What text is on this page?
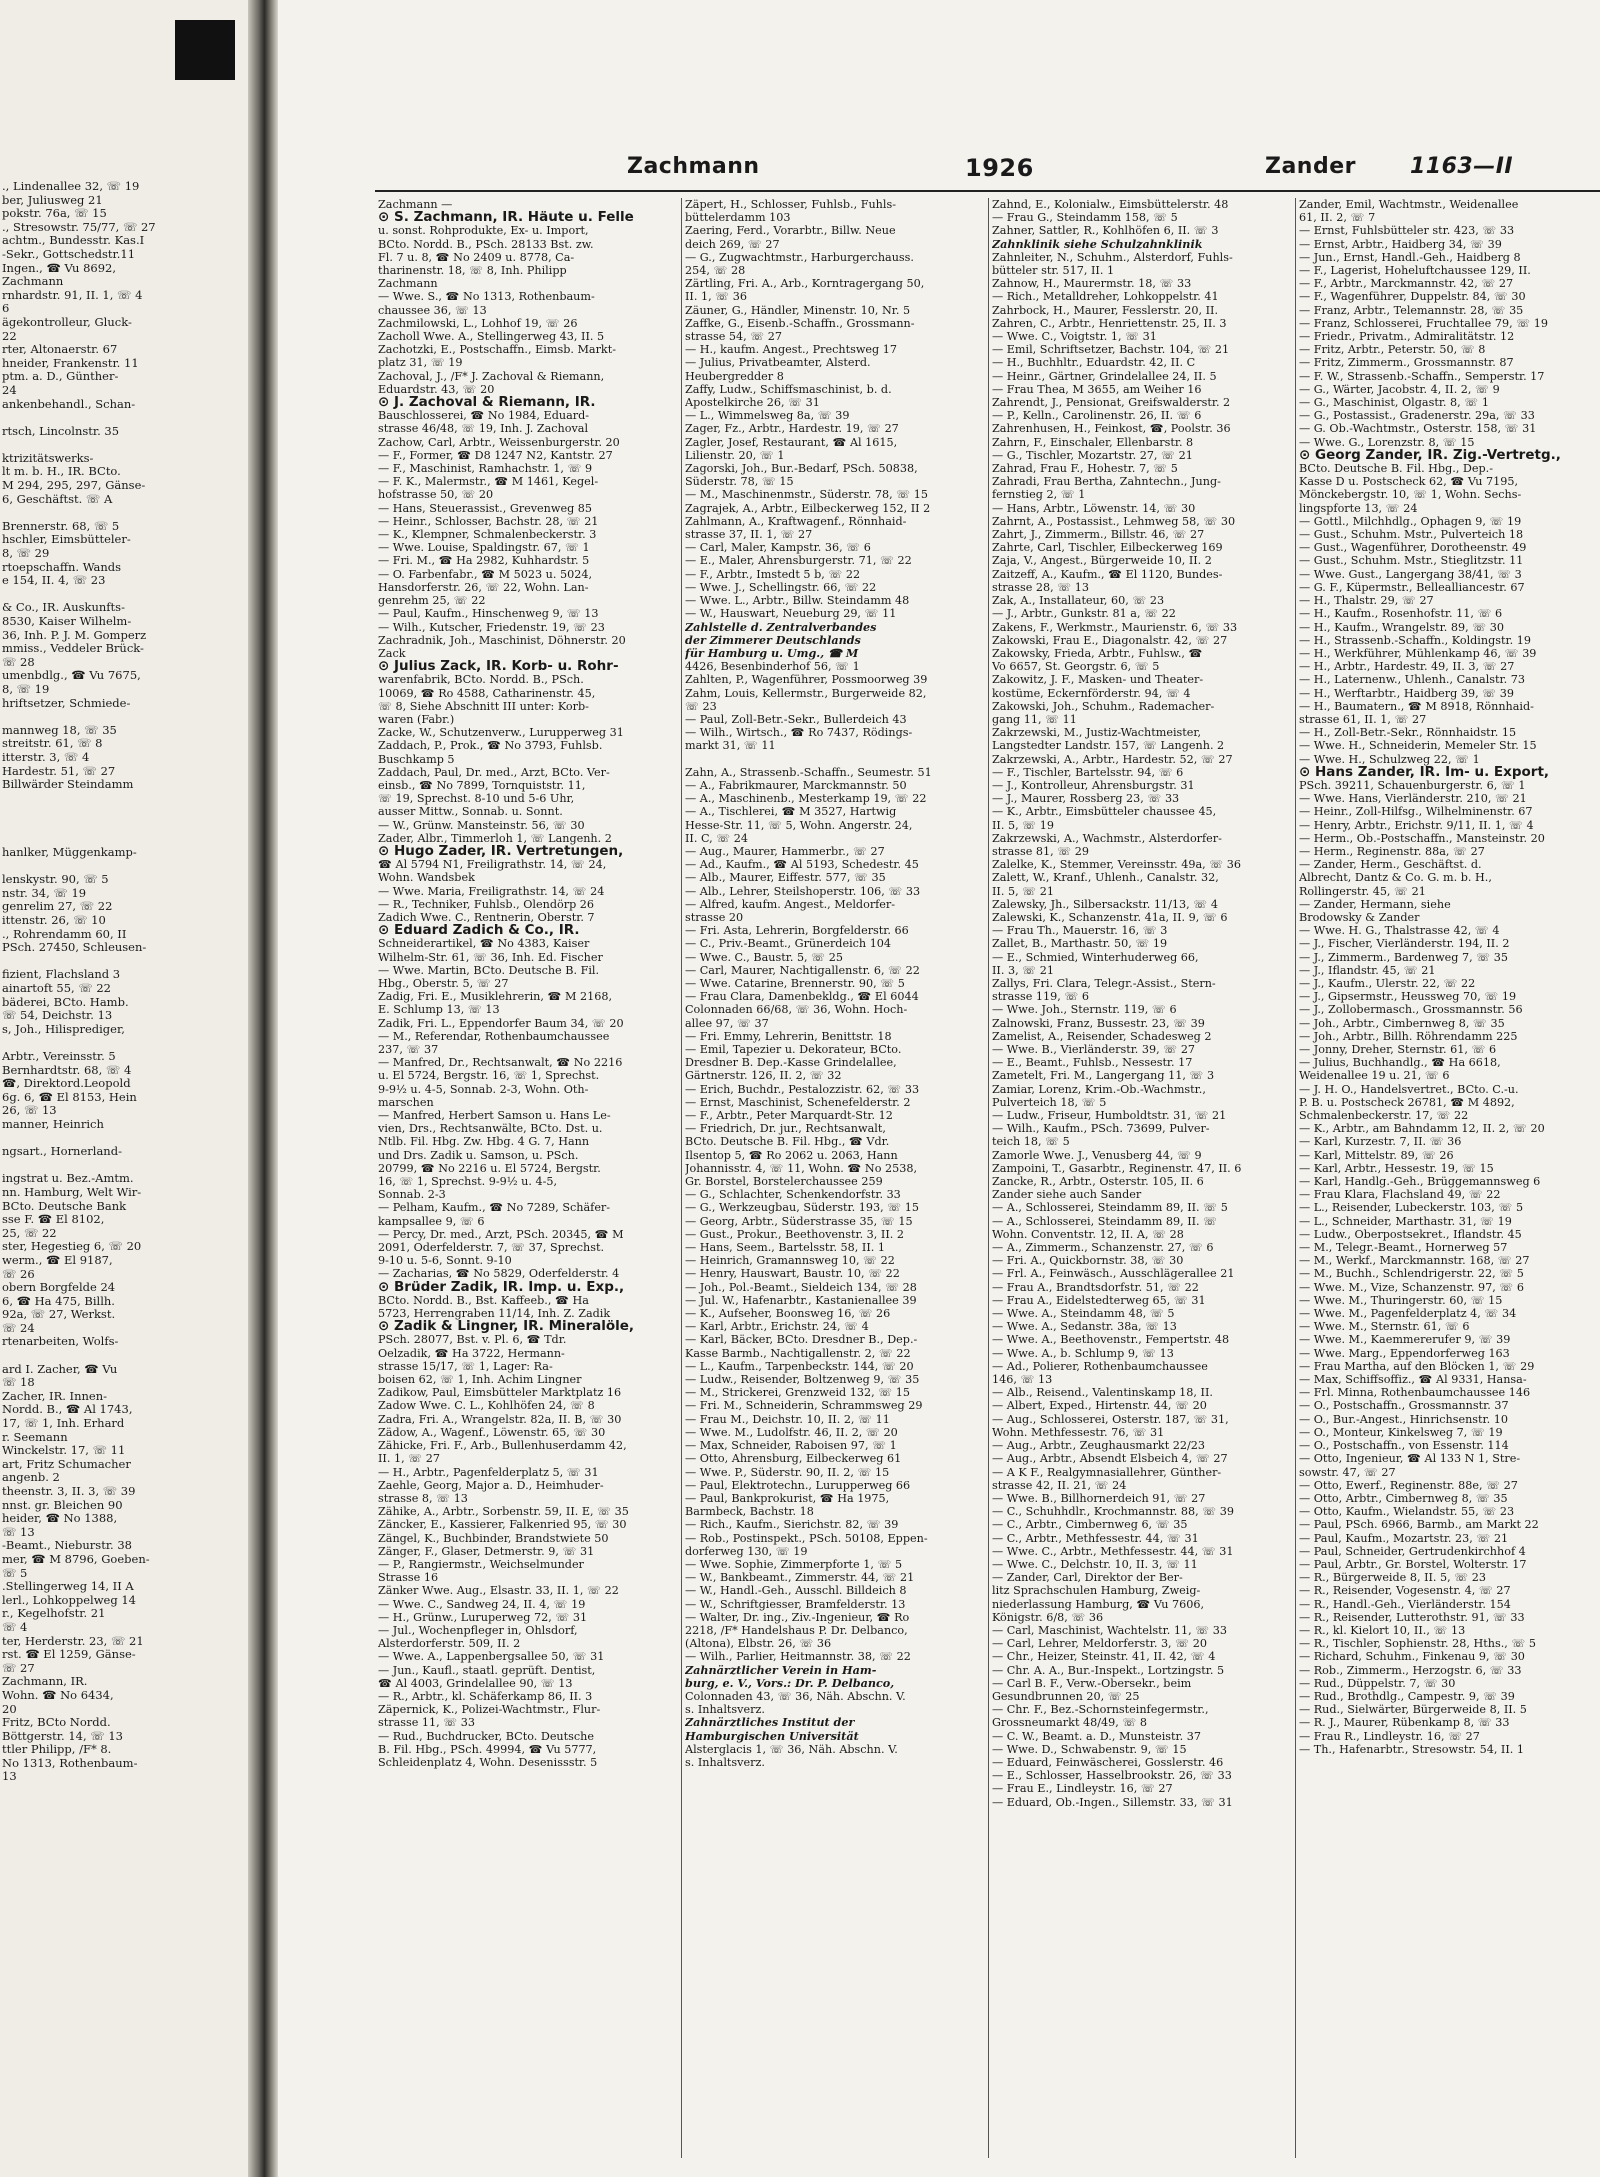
., Lindenallee 32, ☏ 19
ber, Juliusweg 21
pokstr. 76a, ☏ 15
., Stresowstr. 75/77, ☏ 27
achtm., Bundesstr. Kas.I
-Sekr., Gottschedstr.11
Ingen., ☎ Vu 8692,
Zachmann
rnhardstr. 91, II. 1, ☏ 4
6
ägekontrolleur, Gluck-
22
rter, Altonaerstr. 67
hneider, Frankenstr. 11
ptm. a. D., Günther-
24
ankenbehandl., Schan-

rtsch, Lincolnstr. 35

ktrizitätswerks-
lt m. b. H., IR. BCto.
M 294, 295, 297, Gänse-
6, Geschäftst. ☏ A

Brennerstr. 68, ☏ 5
hschler, Eimsbütteler-
8, ☏ 29
rtoepschaffn. Wands
e 154, II. 4, ☏ 23

& Co., IR. Auskunfts-
8530, Kaiser Wilhelm-
36, Inh. P. J. M. Gomperz
mmiss., Veddeler Brück-
☏ 28
umenbdlg., ☎ Vu 7675,
8, ☏ 19
hriftsetzer, Schmiede-

mannweg 18, ☏ 35
streitstr. 61, ☏ 8
itterstr. 3, ☏ 4
Hardestr. 51, ☏ 27
Billwärder Steindamm

hanlker, Müggenkamp-

lenskystr. 90, ☏ 5
nstr. 34, ☏ 19
genrelim 27, ☏ 22
ittenstr. 26, ☏ 10
., Rohrendamm 60, II
PSch. 27450, Schleusen-

fizient, Flachsland 3
ainartoft 55, ☏ 22
bäderei, BCto. Hamb.
☏ 54, Deichstr. 13
s, Joh., Hilisprediger,

Arbtr., Vereinsstr. 5
Bernhardtstr. 68, ☏ 4
☎, Direktord.Leopold
6g. 6, ☎ El 8153, Hein
26, ☏ 13
manner, Heinrich

ngsart., Hornerland-

ingstrat u. Bez.-Amtm.
nn. Hamburg, Welt Wir-
BCto. Deutsche Bank
sse F. ☎ El 8102,
25, ☏ 22
ster, Hegestieg 6, ☏ 20
werm., ☎ El 9187,
☏ 26
obern Borgfelde 24
6, ☎ Ha 475, Billh.
92a, ☏ 27, Werkst.
☏ 24
rtenarbeiten, Wolfs-

ard I. Zacher, ☎ Vu
☏ 18
Zacher, IR. Innen-
Nordd. B., ☎ Al 1743,
17, ☏ 1, Inh. Erhard
r. Seemann
Winckelstr. 17, ☏ 11
art, Fritz Schumacher
angenb. 2
theenstr. 3, II. 3, ☏ 39
nnst. gr. Bleichen 90
heider, ☎ No 1388,
☏ 13
-Beamt., Nieburstr. 38
mer, ☎ M 8796, Goeben-
☏ 5
.Stellingerweg 14, II A
lerl., Lohkoppelweg 14
r., Kegelhofstr. 21
☏ 4
ter, Herderstr. 23, ☏ 21
rst. ☎ El 1259, Gänse-
☏ 27
Zachmann, IR.
Wohn. ☎ No 6434,
20
Fritz, BCto Nordd.
Böttgerstr. 14, ☏ 13
ttler Philipp, /F* 8.
No 1313, Rothenbaum-
13
Zachmann	1926	Zander 1163—II
Zachmann —
⊙ S. Zachmann, IR. Häute u. Felle
u. sonst. Rohprodukte, Ex- u. Import,
BCto. Nordd. B., PSch. 28133 Bst. zw.
Fl. 7 u. 8, ☎ No 2409 u. 8778, Ca-
tharinenstr. 18, ☏ 8, Inh. Philipp
Zachmann
— Wwe. S., ☎ No 1313, Rothenbaum-
chaussee 36, ☏ 13
Zachmilowski, L., Lohhof 19, ☏ 26
Zacholl Wwe. A., Stellingerweg 43, II. 5
Zachotzki, E., Postschaffn., Eimsb. Markt-
platz 31, ☏ 19
Zachoval, J., /F* J. Zachoval & Riemann,
Eduardstr. 43, ☏ 20
⊙ J. Zachoval & Riemann, IR.
Bauschlosserei, ☎ No 1984, Eduard-
strasse 46/48, ☏ 19, Inh. J. Zachoval
Zachow, Carl, Arbtr., Weissenburgerstr. 20
— F., Former, ☎ D8 1247 N2, Kantstr. 27
— F., Maschinist, Ramhachstr. 1, ☏ 9
— F. K., Malermstr., ☎ M 1461, Kegel-
hofstrasse 50, ☏ 20
— Hans, Steuerassist., Grevenweg 85
— Heinr., Schlosser, Bachstr. 28, ☏ 21
— K., Klempner, Schmalenbeckerstr. 3
— Wwe. Louise, Spaldingstr. 67, ☏ 1
— Fri. M., ☎ Ha 2982, Kuhhardstr. 5
— O. Farbenfabr., ☎ M 5023 u. 5024,
Hansdorferstr. 26, ☏ 22, Wohn. Lan-
genrehm 25, ☏ 22
— Paul, Kaufm., Hinschenweg 9, ☏ 13
— Wilh., Kutscher, Friedenstr. 19, ☏ 23
Zachradnik, Joh., Maschinist, Döhnerstr. 20
Zack
⊙ Julius Zack, IR. Korb- u. Rohr-
warenfabrik, BCto. Nordd. B., PSch.
10069, ☎ Ro 4588, Catharinenstr. 45,
☏ 8, Siehe Abschnitt III unter: Korb-
waren (Fabr.)
Zacke, W., Schutzenverw., Lurupperweg 31
Zaddach, P., Prok., ☎ No 3793, Fuhlsb.
Buschkamp 5
Zaddach, Paul, Dr. med., Arzt, BCto. Ver-
einsb., ☎ No 7899, Tornquiststr. 11,
☏ 19, Sprechst. 8-10 und 5-6 Uhr,
ausser Mittw., Sonnab. u. Sonnt.
— W., Grünw. Mansteinstr. 56, ☏ 30
Zader, Albr., Timmerloh 1, ☏ Langenh. 2
⊙ Hugo Zader, IR. Vertretungen,
☎ Al 5794 N1, Freiligrathstr. 14, ☏ 24,
Wohn. Wandsbek
— Wwe. Maria, Freiligrathstr. 14, ☏ 24
— R., Techniker, Fuhlsb., Olendörp 26
Zadich Wwe. C., Rentnerin, Oberstr. 7
⊙ Eduard Zadich & Co., IR.
Schneiderartikel, ☎ No 4383, Kaiser
Wilhelm-Str. 61, ☏ 36, Inh. Ed. Fischer
— Wwe. Martin, BCto. Deutsche B. Fil.
Hbg., Oberstr. 5, ☏ 27
Zadig, Fri. E., Musiklehrerin, ☎ M 2168,
E. Schlump 13, ☏ 13
Zadik, Fri. L., Eppendorfer Baum 34, ☏ 20
— M., Referendar, Rothenbaumchaussee
237, ☏ 37
— Manfred, Dr., Rechtsanwalt, ☎ No 2216
u. El 5724, Bergstr. 16, ☏ 1, Sprechst.
9-9½ u. 4-5, Sonnab. 2-3, Wohn. Oth-
marschen
— Manfred, Herbert Samson u. Hans Le-
vien, Drs., Rechtsanwälte, BCto. Dst. u.
Ntlb. Fil. Hbg. Zw. Hbg. 4 G. 7, Hann
und Drs. Zadik u. Samson, u. PSch.
20799, ☎ No 2216 u. El 5724, Bergstr.
16, ☏ 1, Sprechst. 9-9½ u. 4-5,
Sonnab. 2-3
— Pelham, Kaufm., ☎ No 7289, Schäfer-
kampsallee 9, ☏ 6
— Percy, Dr. med., Arzt, PSch. 20345, ☎ M
2091, Oderfelderstr. 7, ☏ 37, Sprechst.
9-10 u. 5-6, Sonnt. 9-10
— Zacharias, ☎ No 5829, Oderfelderstr. 4
⊙ Brüder Zadik, IR. Imp. u. Exp.,
BCto. Nordd. B., Bst. Kaffeeb., ☎ Ha
5723, Herrengraben 11/14, Inh. Z. Zadik
⊙ Zadik & Lingner, IR. Mineralöle,
PSch. 28077, Bst. v. Pl. 6, ☎ Tdr.
Oelzadik, ☎ Ha 3722, Hermann-
strasse 15/17, ☏ 1, Lager: Ra-
boisen 62, ☏ 1, Inh. Achim Lingner
Zadikow, Paul, Eimsbütteler Marktplatz 16
Zadow Wwe. C. L., Kohlhöfen 24, ☏ 8
Zadra, Fri. A., Wrangelstr. 82a, II. B, ☏ 30
Zädow, A., Wagenf., Löwenstr. 65, ☏ 30
Zähicke, Fri. F., Arb., Bullenhuserdamm 42,
II. 1, ☏ 27
— H., Arbtr., Pagenfelderplatz 5, ☏ 31
Zaehle, Georg, Major a. D., Heimhuder-
strasse 8, ☏ 13
Zähike, A., Arbtr., Sorbenstr. 59, II. E, ☏ 35
Zäncker, E., Kassierer, Falkenried 95, ☏ 30
Zängel, K., Buchbinder, Brandstwiete 50
Zänger, F., Glaser, Detmerstr. 9, ☏ 31
— P., Rangiermstr., Weichselmunder
Strasse 16
Zänker Wwe. Aug., Elsastr. 33, II. 1, ☏ 22
— Wwe. C., Sandweg 24, II. 4, ☏ 19
— H., Grünw., Luruperweg 72, ☏ 31
— Jul., Wochenpfleger in, Ohlsdorf,
Alsterdorferstr. 509, II. 2
— Wwe. A., Lappenbergsallee 50, ☏ 31
— Jun., Kaufl., staatl. geprüft. Dentist,
☎ Al 4003, Grindelallee 90, ☏ 13
— R., Arbtr., kl. Schäferkamp 86, II. 3
Zäpernick, K., Polizei-Wachtmstr., Flur-
strasse 11, ☏ 33
— Rud., Buchdrucker, BCto. Deutsche
B. Fil. Hbg., PSch. 49994, ☎ Vu 5777,
Schleidenplatz 4, Wohn. Desenissstr. 5
Zäpert, H., Schlosser, Fuhlsb., Fuhls-
büttelerdamm 103
Zaering, Ferd., Vorarbtr., Billw. Neue
deich 269, ☏ 27
— G., Zugwachtmstr., Harburgerchauss.
254, ☏ 28
Zärtling, Fri. A., Arb., Korntragergang 50,
II. 1, ☏ 36
Zäuner, G., Händler, Minenstr. 10, Nr. 5
Zaffke, G., Eisenb.-Schaffn., Grossmann-
strasse 54, ☏ 27
— H., kaufm. Angest., Prechtsweg 17
— Julius, Privatbeamter, Alsterd.
Heubergredder 8
Zaffy, Ludw., Schiffsmaschinist, b. d.
Apostelkirche 26, ☏ 31
— L., Wimmelsweg 8a, ☏ 39
Zager, Fz., Arbtr., Hardestr. 19, ☏ 27
Zagler, Josef, Restaurant, ☎ Al 1615,
Lilienstr. 20, ☏ 1
Zagorski, Joh., Bur.-Bedarf, PSch. 50838,
Süderstr. 78, ☏ 15
— M., Maschinenmstr., Süderstr. 78, ☏ 15
Zagrajek, A., Arbtr., Eilbeckerweg 152, II 2
Zahlmann, A., Kraftwagenf., Rönnhaid-
strasse 37, II. 1, ☏ 27
— Carl, Maler, Kampstr. 36, ☏ 6
— E., Maler, Ahrensburgerstr. 71, ☏ 22
— F., Arbtr., Imstedt 5 b, ☏ 22
— Wwe. J., Schellingstr. 66, ☏ 22
— Wwe. L., Arbtr., Billw. Steindamm 48
— W., Hauswart, Neueburg 29, ☏ 11
Zahlstelle d. Zentralverbandes
der Zimmerer Deutschlands
für Hamburg u. Umg., ☎ M
4426, Besenbinderhof 56, ☏ 1
Zahlten, P., Wagenführer, Possmoorweg 39
Zahm, Louis, Kellermstr., Burgerweide 82,
☏ 23
— Paul, Zoll-Betr.-Sekr., Bullerdeich 43
— Wilh., Wirtsch., ☎ Ro 7437, Rödings-
markt 31, ☏ 11

Zahn, A., Strassenb.-Schaffn., Seumestr. 51
— A., Fabrikmaurer, Marckmannstr. 50
— A., Maschinenb., Mesterkamp 19, ☏ 22
— A., Tischlerei, ☎ M 3527, Hartwig
Hesse-Str. 11, ☏ 5, Wohn. Angerstr. 24,
II. C, ☏ 24
— Aug., Maurer, Hammerbr., ☏ 27
— Ad., Kaufm., ☎ Al 5193, Schedestr. 45
— Alb., Maurer, Eiffestr. 577, ☏ 35
— Alb., Lehrer, Steilshoperstr. 106, ☏ 33
— Alfred, kaufm. Angest., Meldorfer-
strasse 20
— Fri. Asta, Lehrerin, Borgfelderstr. 66
— C., Priv.-Beamt., Grünerdeich 104
— Wwe. C., Baustr. 5, ☏ 25
— Carl, Maurer, Nachtigallenstr. 6, ☏ 22
— Wwe. Catarine, Brennerstr. 90, ☏ 5
— Frau Clara, Damenbekldg., ☎ El 6044
Colonnaden 66/68, ☏ 36, Wohn. Hoch-
allee 97, ☏ 37
— Fri. Emmy, Lehrerin, Benittstr. 18
— Emil, Tapezier u. Dekorateur, BCto.
Dresdner B. Dep.-Kasse Grindelallee,
Gärtnerstr. 126, II. 2, ☏ 32
— Erich, Buchdr., Pestalozzistr. 62, ☏ 33
— Ernst, Maschinist, Schenefelderstr. 2
— F., Arbtr., Peter Marquardt-Str. 12
— Friedrich, Dr. jur., Rechtsanwalt,
BCto. Deutsche B. Fil. Hbg., ☎ Vdr.
Ilsentop 5, ☎ Ro 2062 u. 2063, Hann
Johannisstr. 4, ☏ 11, Wohn. ☎ No 2538,
Gr. Borstel, Borstelerchaussee 259
— G., Schlachter, Schenkendorfstr. 33
— G., Werkzeugbau, Süderstr. 193, ☏ 15
— Georg, Arbtr., Süderstrasse 35, ☏ 15
— Gust., Prokur., Beethovenstr. 3, II. 2
— Hans, Seem., Bartelsstr. 58, II. 1
— Heinrich, Gramannsweg 10, ☏ 22
— Henry, Hauswart, Baustr. 10, ☏ 22
— Joh., Pol.-Beamt., Sieldeich 134, ☏ 28
— Jul. W., Hafenarbtr., Kastanienallee 39
— K., Aufseher, Boonsweg 16, ☏ 26
— Karl, Arbtr., Erichstr. 24, ☏ 4
— Karl, Bäcker, BCto. Dresdner B., Dep.-
Kasse Barmb., Nachtigallenstr. 2, ☏ 22
— L., Kaufm., Tarpenbeckstr. 144, ☏ 20
— Ludw., Reisender, Boltzenweg 9, ☏ 35
— M., Strickerei, Grenzweid 132, ☏ 15
— Fri. M., Schneiderin, Schrammsweg 29
— Frau M., Deichstr. 10, II. 2, ☏ 11
— Wwe. M., Ludolfstr. 46, II. 2, ☏ 20
— Max, Schneider, Raboisen 97, ☏ 1
— Otto, Ahrensburg, Eilbeckerweg 61
— Wwe. P., Süderstr. 90, II. 2, ☏ 15
— Paul, Elektrotechn., Lurupperweg 66
— Paul, Bankprokurist, ☎ Ha 1975,
Barmbeck, Bachstr. 18
— Rich., Kaufm., Sierichstr. 82, ☏ 39
— Rob., Postinspekt., PSch. 50108, Eppen-
dorferweg 130, ☏ 19
— Wwe. Sophie, Zimmerpforte 1, ☏ 5
— W., Bankbeamt., Zimmerstr. 44, ☏ 21
— W., Handl.-Geh., Ausschl. Billdeich 8
— W., Schriftgiesser, Bramfelderstr. 13
— Walter, Dr. ing., Ziv.-Ingenieur, ☎ Ro
2218, /F* Handelshaus P. Dr. Delbanco,
(Altona), Elbstr. 26, ☏ 36
— Wilh., Parlier, Heitmannstr. 38, ☏ 22
Zahnärztlicher Verein in Ham-
burg, e. V., Vors.: Dr. P. Delbanco,
Colonnaden 43, ☏ 36, Näh. Abschn. V.
s. Inhaltsverz.
Zahnärztliches Institut der
Hamburgischen Universität
Alsterglacis 1, ☏ 36, Näh. Abschn. V.
s. Inhaltsverz.
Zahnd, E., Kolonialw., Eimsbüttelerstr. 48
— Frau G., Steindamm 158, ☏ 5
Zahner, Sattler, R., Kohlhöfen 6, II. ☏ 3
Zahnklinik siehe Schulzahnklinik
Zahnleiter, N., Schuhm., Alsterdorf, Fuhls-
bütteler str. 517, II. 1
Zahnow, H., Maurermstr. 18, ☏ 33
— Rich., Metalldreher, Lohkoppelstr. 41
Zahrbock, H., Maurer, Fesslerstr. 20, II.
Zahren, C., Arbtr., Henriettenstr. 25, II. 3
— Wwe. C., Voigtstr. 1, ☏ 31
— Emil, Schriftsetzer, Bachstr. 104, ☏ 21
— H., Buchhltr., Eduardstr. 42, II. C
— Heinr., Gärtner, Grindelallee 24, II. 5
— Frau Thea, M 3655, am Weiher 16
Zahrendt, J., Pensionat, Greifswalderstr. 2
— P., Kelln., Carolinenstr. 26, II. ☏ 6
Zahrenhusen, H., Feinkost, ☎, Poolstr. 36
Zahrn, F., Einschaler, Ellenbarstr. 8
— G., Tischler, Mozartstr. 27, ☏ 21
Zahrad, Frau F., Hohestr. 7, ☏ 5
Zahradi, Frau Bertha, Zahntechn., Jung-
fernstieg 2, ☏ 1
— Hans, Arbtr., Löwenstr. 14, ☏ 30
Zahrnt, A., Postassist., Lehmweg 58, ☏ 30
Zahrt, J., Zimmerm., Billstr. 46, ☏ 27
Zahrte, Carl, Tischler, Eilbeckerweg 169
Zaja, V., Angest., Bürgerweide 10, II. 2
Zaitzeff, A., Kaufm., ☎ El 1120, Bundes-
strasse 28, ☏ 13
Zak, A., Installateur, 60, ☏ 23
— J., Arbtr., Gunkstr. 81 a, ☏ 22
Zakens, F., Werkmstr., Maurienstr. 6, ☏ 33
Zakowski, Frau E., Diagonalstr. 42, ☏ 27
Zakowsky, Frieda, Arbtr., Fuhlsw., ☎
Vo 6657, St. Georgstr. 6, ☏ 5
Zakowitz, J. F., Masken- und Theater-
kostüme, Eckernförderstr. 94, ☏ 4
Zakowski, Joh., Schuhm., Rademacher-
gang 11, ☏ 11
Zakrzewski, M., Justiz-Wachtmeister,
Langstedter Landstr. 157, ☏ Langenh. 2
Zakrzewski, A., Arbtr., Hardestr. 52, ☏ 27
— F., Tischler, Bartelsstr. 94, ☏ 6
— J., Kontrolleur, Ahrensburgstr. 31
— J., Maurer, Rossberg 23, ☏ 33
— K., Arbtr., Eimsbütteler chaussee 45,
II. 5, ☏ 19
Zakrzewski, A., Wachmstr., Alsterdorfer-
strasse 81, ☏ 29
Zalelke, K., Stemmer, Vereinsstr. 49a, ☏ 36
Zalett, W., Kranf., Uhlenh., Canalstr. 32,
II. 5, ☏ 21
Zalewsky, Jh., Silbersackstr. 11/13, ☏ 4
Zalewski, K., Schanzenstr. 41a, II. 9, ☏ 6
— Frau Th., Mauerstr. 16, ☏ 3
Zallet, B., Marthastr. 50, ☏ 19
— E., Schmied, Winterhuderweg 66,
II. 3, ☏ 21
Zallys, Fri. Clara, Telegr.-Assist., Stern-
strasse 119, ☏ 6
— Wwe. Joh., Sternstr. 119, ☏ 6
Zalnowski, Franz, Bussestr. 23, ☏ 39
Zamelist, A., Reisender, Schadesweg 2
— Wwe. B., Vierländerstr. 39, ☏ 27
— E., Beamt., Fuhlsb., Nessestr. 17
Zametelt, Fri. M., Langergang 11, ☏ 3
Zamiar, Lorenz, Krim.-Ob.-Wachmstr.,
Pulverteich 18, ☏ 5
— Ludw., Friseur, Humboldtstr. 31, ☏ 21
— Wilh., Kaufm., PSch. 73699, Pulver-
teich 18, ☏ 5
Zamorle Wwe. J., Venusberg 44, ☏ 9
Zampoini, T., Gasarbtr., Reginenstr. 47, II. 6
Zancke, R., Arbtr., Osterstr. 105, II. 6
Zander siehe auch Sander
— A., Schlosserei, Steindamm 89, II. ☏ 5
— A., Schlosserei, Steindamm 89, II. ☏
Wohn. Conventstr. 12, II. A, ☏ 28
— A., Zimmerm., Schanzenstr. 27, ☏ 6
— Fri. A., Quickbornstr. 38, ☏ 30
— Frl. A., Feinwäsch., Ausschlägerallee 21
— Frau A., Brandtsdorfstr. 51, ☏ 22
— Frau A., Eidelstedterweg 65, ☏ 31
— Wwe. A., Steindamm 48, ☏ 5
— Wwe. A., Sedanstr. 38a, ☏ 13
— Wwe. A., Beethovenstr., Fempertstr. 48
— Wwe. A., b. Schlump 9, ☏ 13
— Ad., Polierer, Rothenbaumchaussee
146, ☏ 13
— Alb., Reisend., Valentinskamp 18, II.
— Albert, Exped., Hirtenstr. 44, ☏ 20
— Aug., Schlosserei, Osterstr. 187, ☏ 31,
Wohn. Methfessestr. 76, ☏ 31
— Aug., Arbtr., Zeughausmarkt 22/23
— Aug., Arbtr., Absendt Elsbeich 4, ☏ 27
— A K F., Realgymnasiallehrer, Günther-
strasse 42, II. 21, ☏ 24
— Wwe. B., Billhornerdeich 91, ☏ 27
— C., Schuhhdlr., Krochmannstr. 88, ☏ 39
— C., Arbtr., Cimbernweg 6, ☏ 35
— C., Arbtr., Methfessestr. 44, ☏ 31
— Wwe. C., Arbtr., Methfessestr. 44, ☏ 31
— Wwe. C., Delchstr. 10, II. 3, ☏ 11
— Zander, Carl, Direktor der Ber-
litz Sprachschulen Hamburg, Zweig-
niederlassung Hamburg, ☎ Vu 7606,
Königstr. 6/8, ☏ 36
— Carl, Maschinist, Wachtelstr. 11, ☏ 33
— Carl, Lehrer, Meldorferstr. 3, ☏ 20
— Chr., Heizer, Steinstr. 41, II. 42, ☏ 4
— Chr. A. A., Bur.-Inspekt., Lortzingstr. 5
— Carl B. F., Verw.-Obersekr., beim
Gesundbrunnen 20, ☏ 25
— Chr. F., Bez.-Schornsteinfegermstr.,
Grossneumarkt 48/49, ☏ 8
— C. W., Beamt. a. D., Munsteistr. 37
— Wwe. D., Schwabenstr. 9, ☏ 15
— Eduard, Feinwäscherei, Gosslerstr. 46
— E., Schlosser, Hasselbrookstr. 26, ☏ 33
— Frau E., Lindleystr. 16, ☏ 27
— Eduard, Ob.-Ingen., Sillemstr. 33, ☏ 31
Zander, Emil, Wachtmstr., Weidenallee
61, II. 2, ☏ 7
— Ernst, Fuhlsbütteler str. 423, ☏ 33
— Ernst, Arbtr., Haidberg 34, ☏ 39
— Jun., Ernst, Handl.-Geh., Haidberg 8
— F., Lagerist, Hoheluftchaussee 129, II.
— F., Arbtr., Marckmannstr. 42, ☏ 27
— F., Wagenführer, Duppelstr. 84, ☏ 30
— Franz, Arbtr., Telemannstr. 28, ☏ 35
— Franz, Schlosserei, Fruchtallee 79, ☏ 19
— Friedr., Privatm., Admiralitätstr. 12
— Fritz, Arbtr., Peterstr. 50, ☏ 8
— Fritz, Zimmerm., Grossmannstr. 87
— F. W., Strassenb.-Schaffn., Semperstr. 17
— G., Wärter, Jacobstr. 4, II. 2, ☏ 9
— G., Maschinist, Olgastr. 8, ☏ 1
— G., Postassist., Gradenerstr. 29a, ☏ 33
— G. Ob.-Wachtmstr., Osterstr. 158, ☏ 31
— Wwe. G., Lorenzstr. 8, ☏ 15
⊙ Georg Zander, IR. Zig.-Vertretg.,
BCto. Deutsche B. Fil. Hbg., Dep.-
Kasse D u. Postscheck 62, ☎ Vu 7195,
Mönckebergstr. 10, ☏ 1, Wohn. Sechs-
lingspforte 13, ☏ 24
— Gottl., Milchhdlg., Ophagen 9, ☏ 19
— Gust., Schuhm. Mstr., Pulverteich 18
— Gust., Wagenführer, Dorotheenstr. 49
— Gust., Schuhm. Mstr., Stieglitzstr. 11
— Wwe. Gust., Langergang 38/41, ☏ 3
— G. F., Küpermstr., Bellealliancestr. 67
— H., Thalstr. 29, ☏ 27
— H., Kaufm., Rosenhofstr. 11, ☏ 6
— H., Kaufm., Wrangelstr. 89, ☏ 30
— H., Strassenb.-Schaffn., Koldingstr. 19
— H., Werkführer, Mühlenkamp 46, ☏ 39
— H., Arbtr., Hardestr. 49, II. 3, ☏ 27
— H., Laternenw., Uhlenh., Canalstr. 73
— H., Werftarbtr., Haidberg 39, ☏ 39
— H., Baumatern., ☎ M 8918, Rönnhaid-
strasse 61, II. 1, ☏ 27
— H., Zoll-Betr.-Sekr., Rönnhaidstr. 15
— Wwe. H., Schneiderin, Memeler Str. 15
— Wwe. H., Schulzweg 22, ☏ 1
⊙ Hans Zander, IR. Im- u. Export,
PSch. 39211, Schauenburgerstr. 6, ☏ 1
— Wwe. Hans, Vierländerstr. 210, ☏ 21
— Heinr., Zoll-Hilfsg., Wilhelminenstr. 67
— Henry, Arbtr., Erichstr. 9/11, II. 1, ☏ 4
— Herm., Ob.-Postschaffn., Mansteinstr. 20
— Herm., Reginenstr. 88a, ☏ 27
— Zander, Herm., Geschäftst. d.
Albrecht, Dantz & Co. G. m. b. H.,
Rollingerstr. 45, ☏ 21
— Zander, Hermann, siehe
Brodowsky & Zander
— Wwe. H. G., Thalstrasse 42, ☏ 4
— J., Fischer, Vierländerstr. 194, II. 2
— J., Zimmerm., Bardenweg 7, ☏ 35
— J., Iflandstr. 45, ☏ 21
— J., Kaufm., Ulerstr. 22, ☏ 22
— J., Gipsermstr., Heussweg 70, ☏ 19
— J., Zollobermasch., Grossmannstr. 56
— Joh., Arbtr., Cimbernweg 8, ☏ 35
— Joh., Arbtr., Billh. Röhrendamm 225
— Jonny, Dreher, Sternstr. 61, ☏ 6
— Julius, Buchhandlg., ☎ Ha 6618,
Weidenallee 19 u. 21, ☏ 6
— J. H. O., Handelsvertret., BCto. C.-u.
P. B. u. Postscheck 26781, ☎ M 4892,
Schmalenbeckerstr. 17, ☏ 22
— K., Arbtr., am Bahndamm 12, II. 2, ☏ 20
— Karl, Kurzestr. 7, II. ☏ 36
— Karl, Mittelstr. 89, ☏ 26
— Karl, Arbtr., Hessestr. 19, ☏ 15
— Karl, Handlg.-Geh., Brüggemannsweg 6
— Frau Klara, Flachsland 49, ☏ 22
— L., Reisender, Lubeckerstr. 103, ☏ 5
— L., Schneider, Marthastr. 31, ☏ 19
— Ludw., Oberpostsekret., Iflandstr. 45
— M., Telegr.-Beamt., Hornerweg 57
— M., Werkf., Marckmannstr. 168, ☏ 27
— M., Buchh., Schlendrigerstr. 22, ☏ 5
— Wwe. M., Vize, Schanzenstr. 97, ☏ 6
— Wwe. M., Thuringerstr. 60, ☏ 15
— Wwe. M., Pagenfelderplatz 4, ☏ 34
— Wwe. M., Sternstr. 61, ☏ 6
— Wwe. M., Kaemmererufer 9, ☏ 39
— Wwe. Marg., Eppendorferweg 163
— Frau Martha, auf den Blöcken 1, ☏ 29
— Max, Schiffsoffiz., ☎ Al 9331, Hansa-
— Frl. Minna, Rothenbaumchaussee 146
— O., Postschaffn., Grossmannstr. 37
— O., Bur.-Angest., Hinrichsenstr. 10
— O., Monteur, Kinkelsweg 7, ☏ 19
— O., Postschaffn., von Essenstr. 114
— Otto, Ingenieur, ☎ Al 133 N 1, Stre-
sowstr. 47, ☏ 27
— Otto, Ewerf., Reginenstr. 88e, ☏ 27
— Otto, Arbtr., Cimbernweg 8, ☏ 35
— Otto, Kaufm., Wielandstr. 55, ☏ 23
— Paul, PSch. 6966, Barmb., am Markt 22
— Paul, Kaufm., Mozartstr. 23, ☏ 21
— Paul, Schneider, Gertrudenkirchhof 4
— Paul, Arbtr., Gr. Borstel, Wolterstr. 17
— R., Bürgerweide 8, II. 5, ☏ 23
— R., Reisender, Vogesenstr. 4, ☏ 27
— R., Handl.-Geh., Vierländerstr. 154
— R., Reisender, Lutterothstr. 91, ☏ 33
— R., kl. Kielort 10, II., ☏ 13
— R., Tischler, Sophienstr. 28, Hths., ☏ 5
— Richard, Schuhm., Finkenau 9, ☏ 30
— Rob., Zimmerm., Herzogstr. 6, ☏ 33
— Rud., Düppelstr. 7, ☏ 30
— Rud., Brothdlg., Campestr. 9, ☏ 39
— Rud., Sielwärter, Bürgerweide 8, II. 5
— R. J., Maurer, Rübenkamp 8, ☏ 33
— Frau R., Lindleystr. 16, ☏ 27
— Th., Hafenarbtr., Stresowstr. 54, II. 1
